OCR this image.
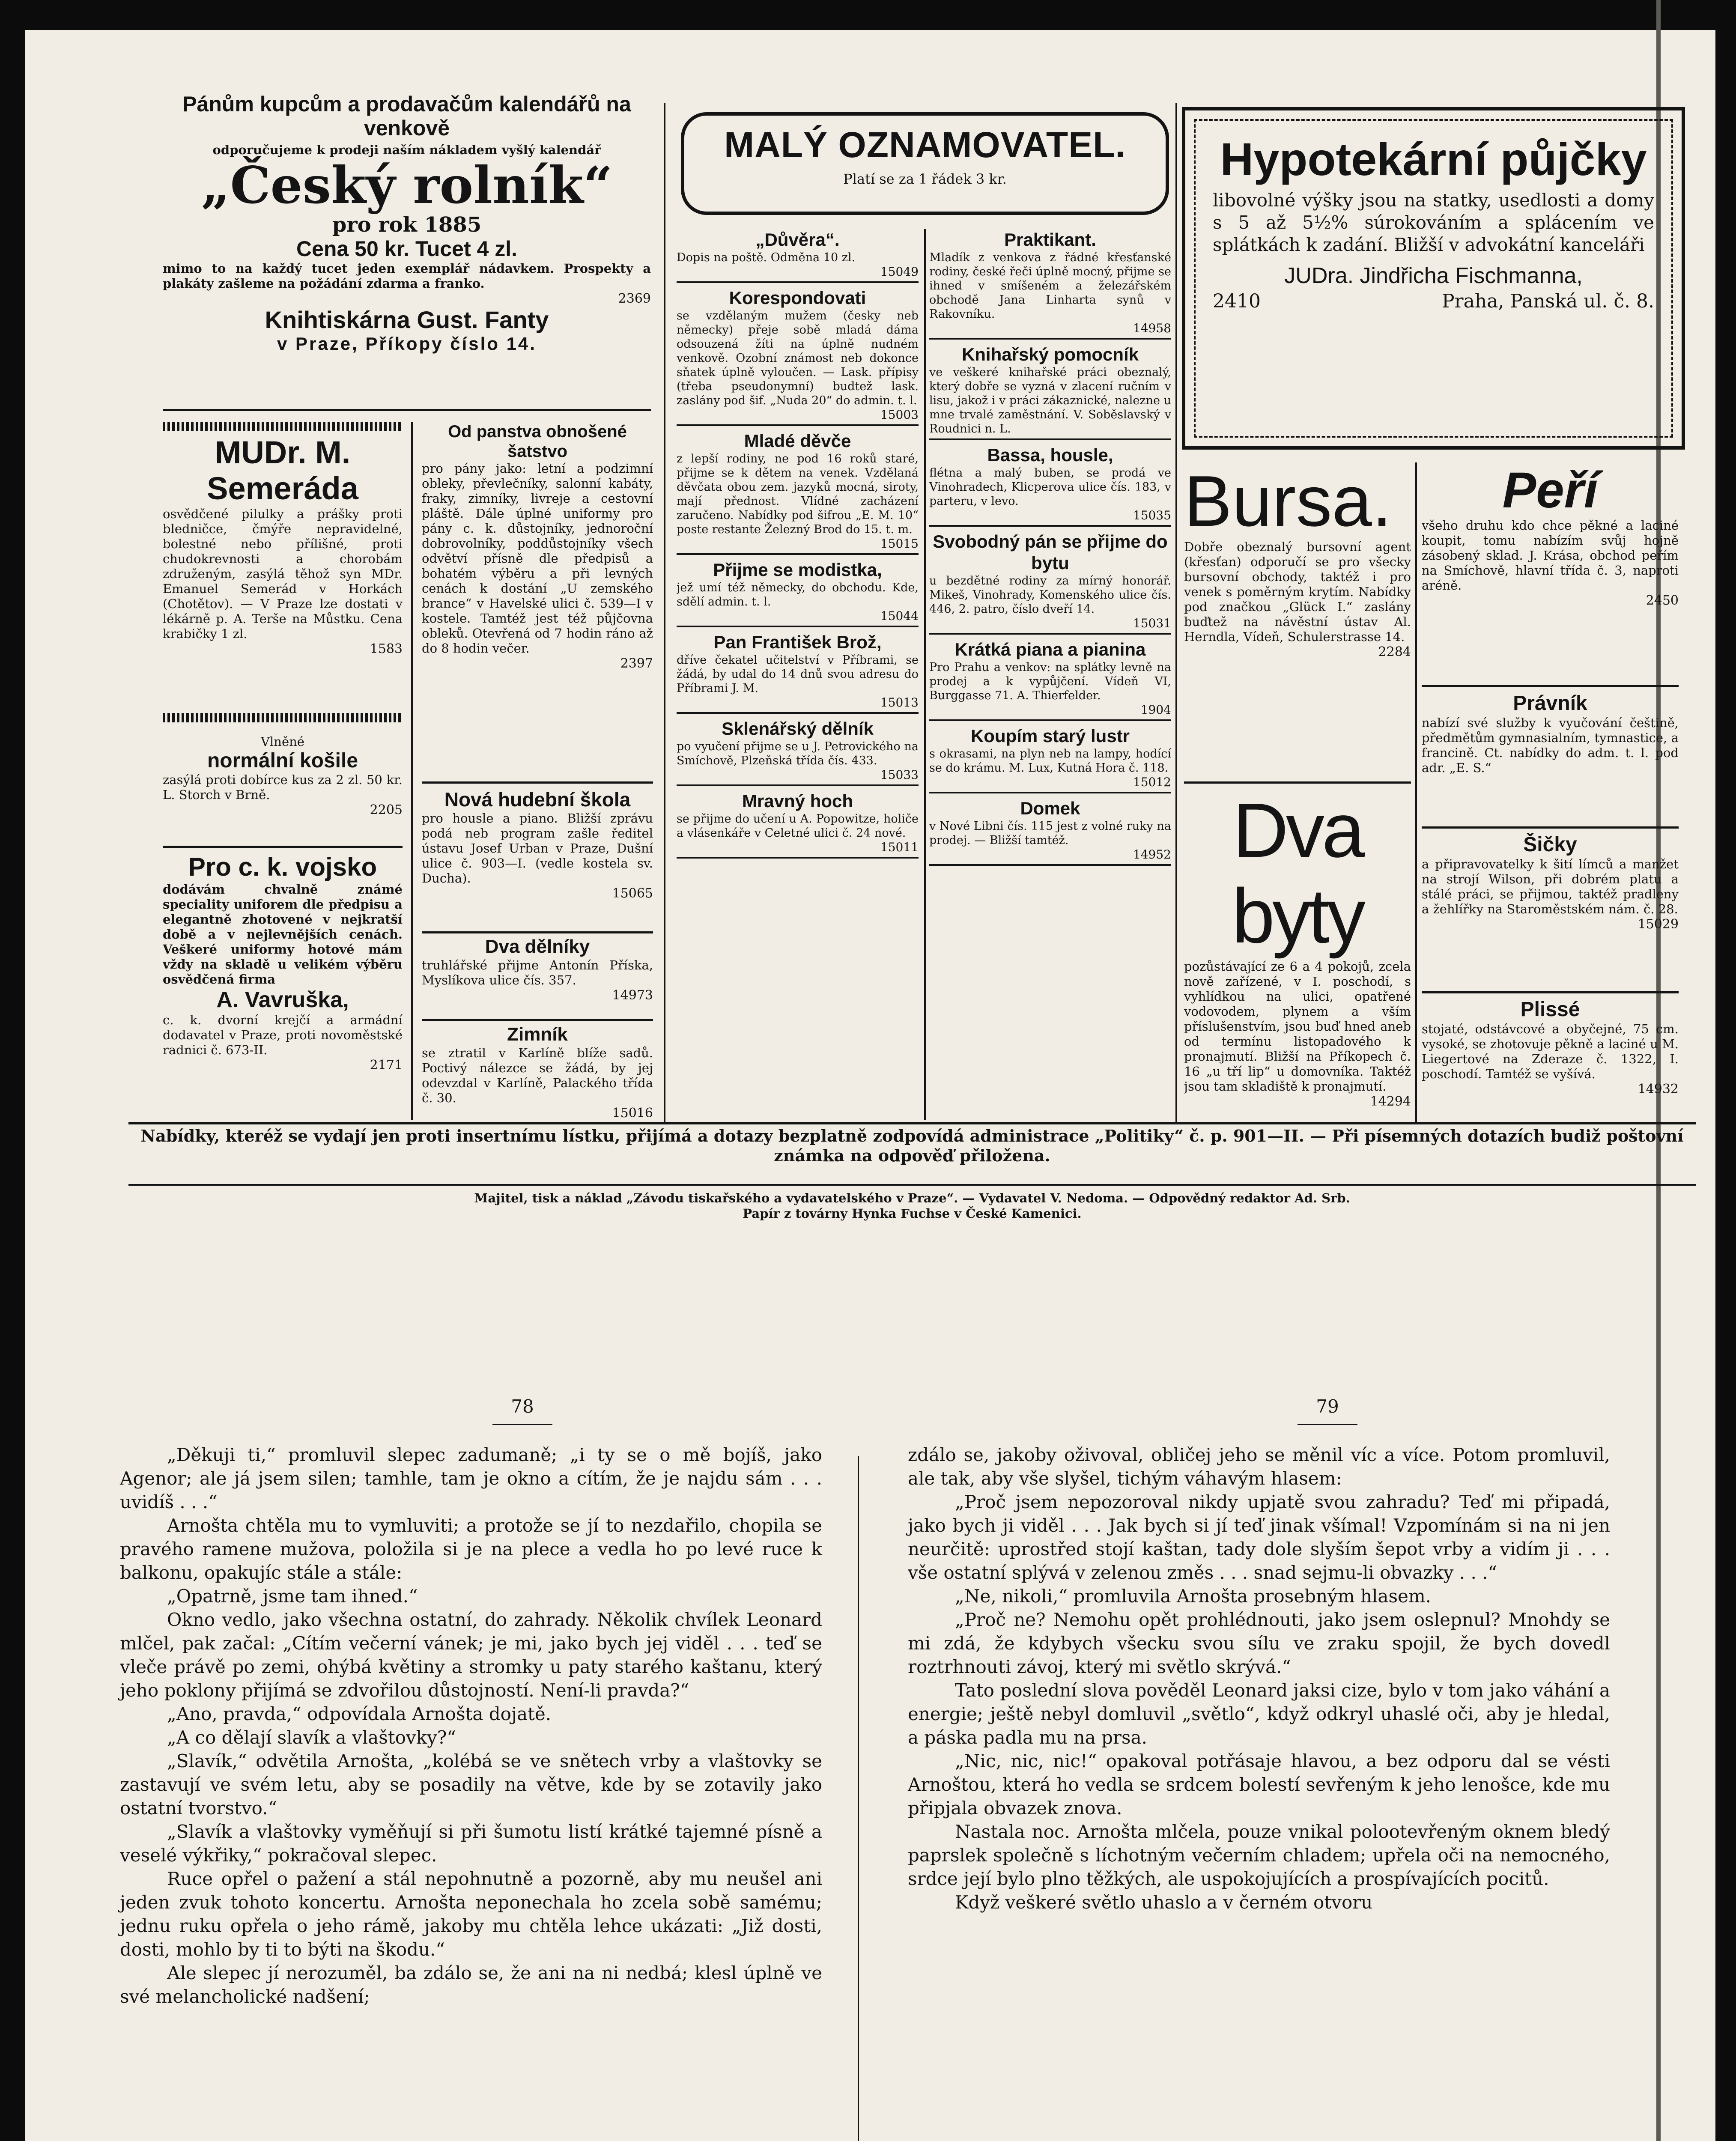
Pánům kupcům a prodavačům kalendářů na venkově
odporučujeme k prodeji naším nákladem vyšlý kalendář
„Český rolník“
pro rok 1885
Cena 50 kr. Tucet 4 zl.
mimo to na každý tucet jeden exemplář nádavkem. Prospekty a plakáty zašleme na požádání zdarma a franko.
2369
Knihtiskárna Gust. Fanty
v Praze, Příkopy číslo 14.
MUDr. M. Semeráda
osvědčené pilulky a prášky proti bledničce, čmýře nepravidelné, bolestné nebo přílišné, proti chudokrevnosti a chorobám združeným, zasýlá těhož syn MDr. Emanuel Semerád v Horkách (Chotětov). — V Praze lze dostati v lékárně p. A. Terše na Můstku. Cena krabičky 1 zl.
1583
Od panstva obnošené šatstvo
pro pány jako: letní a podzimní obleky, převlečníky, salonní kabáty, fraky, zimníky, livreje a cestovní pláště. Dále úplné uniformy pro pány c. k. důstojníky, jednoroční dobrovolníky, poddůstojníky všech odvětví přísně dle předpisů a bohatém výběru a při levných cenách k dostání „U zemského brance“ v Havelské ulici č. 539—I v kostele. Tamtéž jest též půjčovna obleků. Otevřená od 7 hodin ráno až do 8 hodin večer.
2397
Vlněné
normální košile
zasýlá proti dobírce kus za 2 zl. 50 kr. L. Storch v Brně.
2205
Pro c. k. vojsko
dodávám chvalně známé speciality uniforem dle předpisu a elegantně zhotovené v nejkratší době a v nejlevnějších cenách. Veškeré uniformy hotové mám vždy na skladě u velikém výběru osvědčená firma
A. Vavruška,
c. k. dvorní krejčí a armádní dodavatel v Praze, proti novoměstské radnici č. 673-II.
2171
Nová hudební škola
pro housle a piano. Bližší zprávu podá neb program zašle ředitel ústavu Josef Urban v Praze, Dušní ulice č. 903—I. (vedle kostela sv. Ducha).
15065
Dva dělníky
truhlářské přijme Antonín Příska, Myslíkova ulice čís. 357.
14973
Zimník
se ztratil v Karlíně blíže sadů. Poctivý nálezce se žádá, by jej odevzdal v Karlíně, Palackého třída č. 30.
15016
MALÝ OZNAMOVATEL.
Platí se za 1 řádek 3 kr.
„Důvěra“.
Dopis na poště. Odměna 10 zl.
15049
Korespondovati
se vzdělaným mužem (česky neb německy) přeje sobě mladá dáma odsouzená žíti na úplně nudném venkově. Ozobní známost neb dokonce sňatek úplně vyloučen. — Lask. přípisy (třeba pseudonymní) budtež lask. zaslány pod šif. „Nuda 20“ do admin. t. l.
15003
Mladé děvče
z lepší rodiny, ne pod 16 roků staré, přijme se k dětem na venek. Vzdělaná děvčata obou zem. jazyků mocná, siroty, mají přednost. Vlídné zacházení zaručeno. Nabídky pod šifrou „E. M. 10“ poste restante Železný Brod do 15. t. m.
15015
Přijme se modistka,
jež umí též německy, do obchodu. Kde, sdělí admin. t. l.
15044
Pan František Brož,
dříve čekatel učitelství v Příbrami, se žádá, by udal do 14 dnů svou adresu do Příbrami J. M.
15013
Sklenářský dělník
po vyučení přijme se u J. Petrovického na Smíchově, Plzeňská třída čís. 433.
15033
Mravný hoch
se přijme do učení u A. Popowitze, holiče a vlásenkáře v Celetné ulici č. 24 nové.
15011
Praktikant.
Mladík z venkova z řádné křesťanské rodiny, české řeči úplně mocný, přijme se ihned v smíšeném a železářském obchodě Jana Linharta synů v Rakovníku.
14958
Knihařský pomocník
ve veškeré knihařské práci obeznalý, který dobře se vyzná v zlacení ručním v lisu, jakož i v práci zákaznické, nalezne u mne trvalé zaměstnání. V. Soběslavský v Roudnici n. L.
Bassa, housle,
flétna a malý buben, se prodá ve Vinohradech, Klicperova ulice čís. 183, v parteru, v levo.
15035
Svobodný pán se přijme do bytu
u bezdětné rodiny za mírný honorář. Mikeš, Vinohrady, Komenského ulice čís. 446, 2. patro, číslo dveří 14.
15031
Krátká piana a pianina
Pro Prahu a venkov: na splátky levně na prodej a k vypůjčení. Vídeň VI, Burggasse 71. A. Thierfelder.
1904
Koupím starý lustr
s okrasami, na plyn neb na lampy, hodící se do krámu. M. Lux, Kutná Hora č. 118.
15012
Domek
v Nové Libni čís. 115 jest z volné ruky na prodej. — Bližší tamtéž.
14952
Hypotekární půjčky
libovolné výšky jsou na statky, usedlosti a domy s 5 až 5½% súrokováním a splácením ve splátkách k zadání. Bližší v advokátní kanceláři
JUDra. Jindřicha Fischmanna,
2410	Praha, Panská ul. č. 8.
Bursa.
Dobře obeznalý bursovní agent (křesťan) odporučí se pro všecky bursovní obchody, taktéž i pro venek s poměrným krytím. Nabídky pod značkou „Glück I.“ zaslány buďtež na návěstní ústav Al. Herndla, Vídeň, Schulerstrasse 14.
2284
Peří
všeho druhu kdo chce pěkné a laciné koupit, tomu nabízím svůj hojně zásobený sklad. J. Krása, obchod peřím na Smíchově, hlavní třída č. 3, naproti aréně.
2450
Právník
nabízí své služby k vyučování češtině, předmětům gymnasialním, tymnastice, a francině. Ct. nabídky do adm. t. l. pod adr. „E. S.“
Dva byty
pozůstávající ze 6 a 4 pokojů, zcela nově zařízené, v I. poschodí, s vyhlídkou na ulici, opatřené vodovodem, plynem a vším příslušenstvím, jsou buď hned aneb od termínu listopadového k pronajmutí. Bližší na Příkopech č. 16 „u tří lip“ u domovníka. Taktéž jsou tam skladiště k pronajmutí.
14294
Šičky
a připravovatelky k šití límců a manžet na strojí Wilson, při dobrém platu a stálé práci, se přijmou, taktéž pradleny a žehlířky na Staroměstském nám. č. 28.
15029
Plissé
stojaté, odstávcové a obyčejné, 75 cm. vysoké, se zhotovuje pěkně a laciné u M. Liegertové na Zderaze č. 1322, I. poschodí. Tamtéž se vyšívá.
14932
Nabídky, kteréž se vydají jen proti insertnímu lístku, přijímá a dotazy bezplatně zodpovídá administrace „Politiky“ č. p. 901—II. — Při písemných dotazích budiž poštovní známka na odpověď přiložena.
Majitel, tisk a náklad „Závodu tiskařského a vydavatelského v Praze“. — Vydavatel V. Nedoma. — Odpovědný redaktor Ad. Srb.
Papír z továrny Hynka Fuchse v České Kamenici.
78	79

„Děkuji ti,“ promluvil slepec zadumaně; „i ty se o mě bojíš, jako Agenor; ale já jsem silen; tamhle, tam je okno a cítím, že je najdu sám . . . uvidíš . . .“

Arnošta chtěla mu to vymluviti; a protože se jí to nezdařilo, chopila se pravého ramene mužova, položila si je na plece a vedla ho po levé ruce k balkonu, opakujíc stále a stále:

„Opatrně, jsme tam ihned.“

Okno vedlo, jako všechna ostatní, do zahrady. Několik chvílek Leonard mlčel, pak začal: „Cítím večerní vánek; je mi, jako bych jej viděl . . . teď se vleče právě po zemi, ohýbá květiny a stromky u paty starého kaštanu, který jeho poklony přijímá se zdvořilou důstojností. Není-li pravda?“

„Ano, pravda,“ odpovídala Arnošta dojatě.

„A co dělají slavík a vlaštovky?“

„Slavík,“ odvětila Arnošta, „kolébá se ve snětech vrby a vlaštovky se zastavují ve svém letu, aby se posadily na větve, kde by se zotavily jako ostatní tvorstvo.“

„Slavík a vlaštovky vyměňují si při šumotu listí krátké tajemné písně a veselé výkřiky,“ pokračoval slepec.

Ruce opřel o pažení a stál nepohnutně a pozorně, aby mu neušel ani jeden zvuk tohoto koncertu. Arnošta neponechala ho zcela sobě samému; jednu ruku opřela o jeho rámě, jakoby mu chtěla lehce ukázati: „Již dosti, dosti, mohlo by ti to býti na škodu.“

Ale slepec jí nerozuměl, ba zdálo se, že ani na ni nedbá; klesl úplně ve své melancholické nadšení;

zdálo se, jakoby oživoval, obličej jeho se měnil víc a více. Potom promluvil, ale tak, aby vše slyšel, tichým váhavým hlasem:

„Proč jsem nepozoroval nikdy upjatě svou zahradu? Teď mi připadá, jako bych ji viděl . . . Jak bych si jí teď jinak všímal! Vzpomínám si na ni jen neurčitě: uprostřed stojí kaštan, tady dole slyším šepot vrby a vidím ji . . . vše ostatní splývá v zelenou změs . . . snad sejmu-li obvazky . . .“

„Ne, nikoli,“ promluvila Arnošta prosebným hlasem.

„Proč ne? Nemohu opět prohlédnouti, jako jsem oslepnul? Mnohdy se mi zdá, že kdybych všecku svou sílu ve zraku spojil, že bych dovedl roztrhnouti závoj, který mi světlo skrývá.“

Tato poslední slova pověděl Leonard jaksi cize, bylo v tom jako váhání a energie; ještě nebyl domluvil „světlo“, když odkryl uhaslé oči, aby je hledal, a páska padla mu na prsa.

„Nic, nic, nic!“ opakoval potřásaje hlavou, a bez odporu dal se vésti Arnoštou, která ho vedla se srdcem bolestí sevřeným k jeho lenošce, kde mu připjala obvazek znova.

Nastala noc. Arnošta mlčela, pouze vnikal polootevřeným oknem bledý paprslek společně s líchotným večerním chladem; upřela oči na nemocného, srdce její bylo plno těžkých, ale uspokojujících a prospívajících pocitů.

Když veškeré světlo uhaslo a v černém otvoru
